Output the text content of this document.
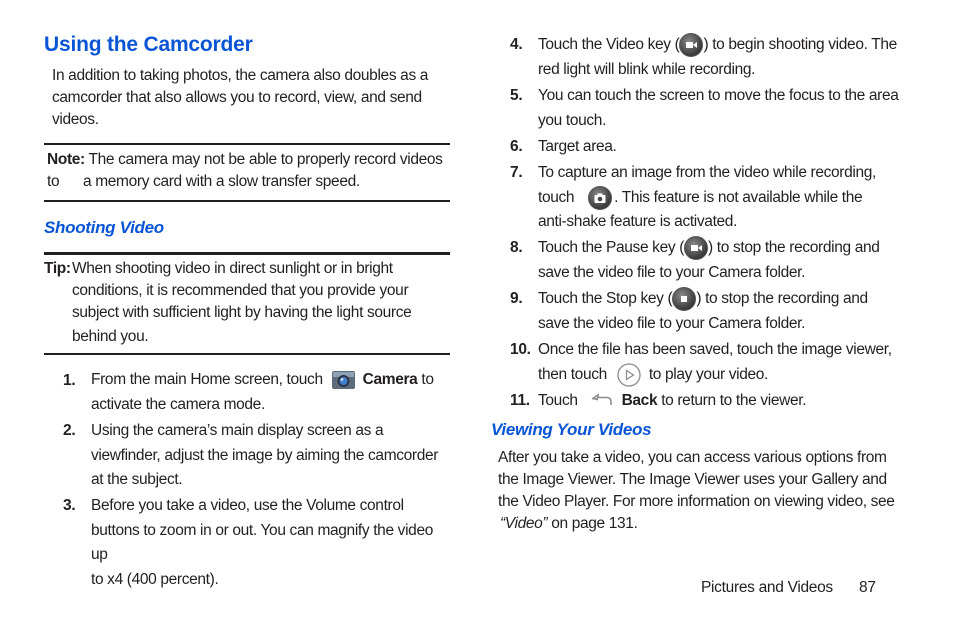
Using the Camcorder
In addition to taking photos, the camera also doubles as a camcorder that also allows you to record, view, and send videos.
Note: The camera may not be able to properly record videos to	a memory card with a slow transfer speed.
Shooting Video
Tip: When shooting video in direct sunlight or in bright
conditions, it is recommended that you provide your
subject with sufficient light by having the light source
behind you.
1. From the main Home screen, touch	Camera to
activate the camera mode.
2. Using the camera’s main display screen as a
viewfinder, adjust the image by aiming the camcorder
at the subject.
3. Before you take a video, use the Volume control
buttons to zoom in or out. You can magnify the video up
to x4 (400 percent).
4. Touch the Video key ( ) to begin shooting video. The
red light will blink while recording.
5. You can touch the screen to move the focus to the area
you touch.
6. Target area.
7. To capture an image from the video while recording,
touch	. This feature is not available while the
anti-shake feature is activated.
8. Touch the Pause key ( ) to stop the recording and
save the video file to your Camera folder.
9. Touch the Stop key ( ) to stop the recording and
save the video file to your Camera folder.
10. Once the file has been saved, touch the image viewer,
then touch	to play your video.
11. Touch	Back to return to the viewer.
Viewing Your Videos
After you take a video, you can access various options from
the Image Viewer. The Image Viewer uses your Gallery and
the Video Player. For more information on viewing video, see
“Video” on page 131.
Pictures and Videos 87
